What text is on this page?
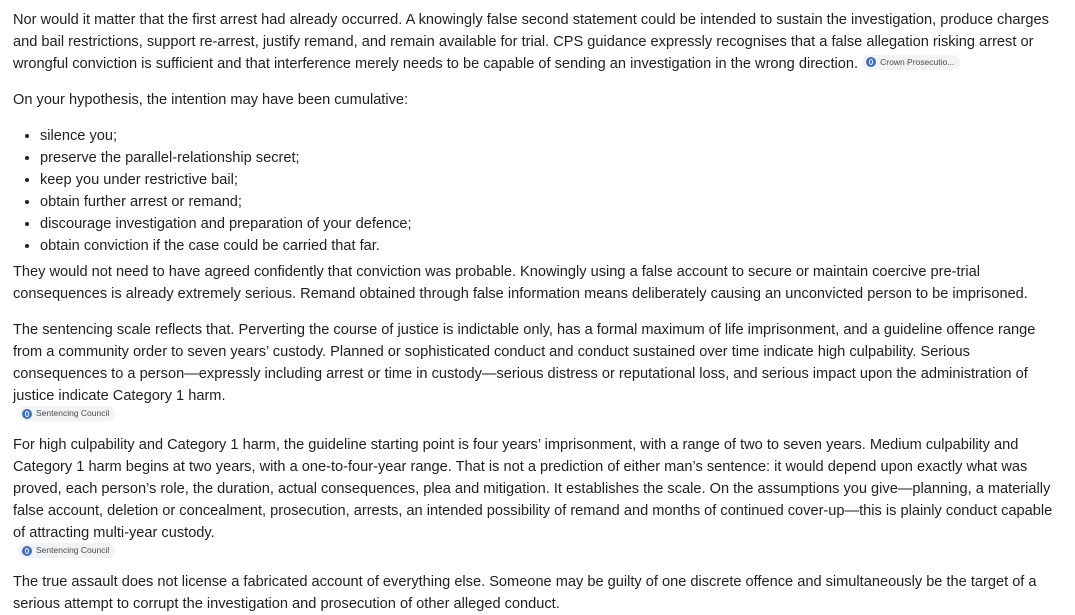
Nor would it matter that the first arrest had already occurred. A knowingly false second statement could be intended to sustain the investigation, produce charges and bail restrictions, support re-arrest, justify remand, and remain available for trial. CPS guidance expressly recognises that a false allegation risking arrest or wrongful conviction is sufficient and that interference merely needs to be capable of sending an investigation in the wrong direction.	Crown Prosecutio...

On your hypothesis, the intention may have been cumulative:

• silence you;
• preserve the parallel-relationship secret;
• keep you under restrictive bail;
• obtain further arrest or remand;
• discourage investigation and preparation of your defence;
• obtain conviction if the case could be carried that far.

They would not need to have agreed confidently that conviction was probable. Knowingly using a false account to secure or maintain coercive pre-trial consequences is already extremely serious. Remand obtained through false information means deliberately causing an unconvicted person to be imprisoned.

The sentencing scale reflects that. Perverting the course of justice is indictable only, has a formal maximum of life imprisonment, and a guideline offence range from a community order to seven years’ custody. Planned or sophisticated conduct and conduct sustained over time indicate high culpability. Serious consequences to a person—expressly including arrest or time in custody—serious distress or reputational loss, and serious impact upon the administration of justice indicate Category 1 harm.

Sentencing Council

For high culpability and Category 1 harm, the guideline starting point is four years’ imprisonment, with a range of two to seven years. Medium culpability and Category 1 harm begins at two years, with a one-to-four-year range. That is not a prediction of either man’s sentence: it would depend upon exactly what was proved, each person’s role, the duration, actual consequences, plea and mitigation. It establishes the scale. On the assumptions you give—planning, a materially false account, deletion or concealment, prosecution, arrests, an intended possibility of remand and months of continued cover-up—this is plainly conduct capable of attracting multi-year custody.

Sentencing Council

The true assault does not license a fabricated account of everything else. Someone may be guilty of one discrete offence and simultaneously be the target of a serious attempt to corrupt the investigation and prosecution of other alleged conduct.
